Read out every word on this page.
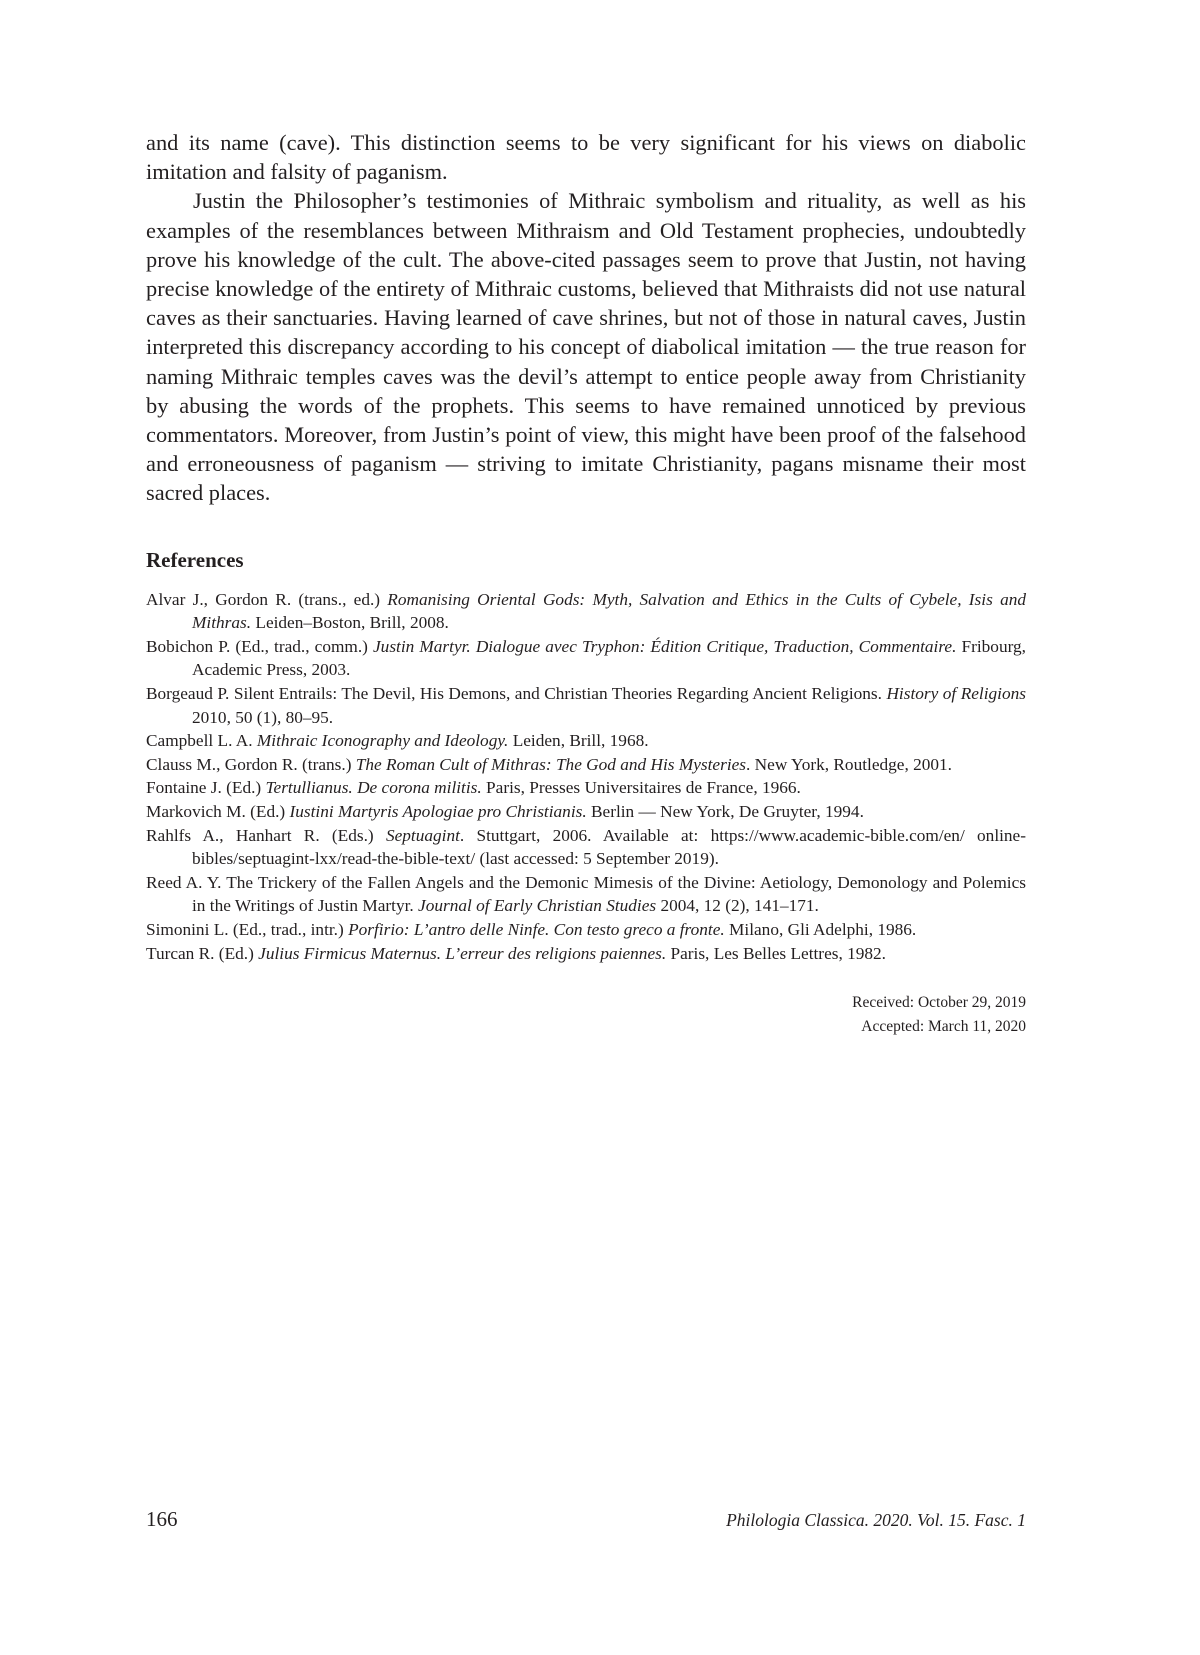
and its name (cave). This distinction seems to be very significant for his views on diabolic imitation and falsity of paganism.

Justin the Philosopher’s testimonies of Mithraic symbolism and rituality, as well as his examples of the resemblances between Mithraism and Old Testament prophecies, undoubtedly prove his knowledge of the cult. The above-cited passages seem to prove that Justin, not having precise knowledge of the entirety of Mithraic customs, believed that Mithraists did not use natural caves as their sanctuaries. Having learned of cave shrines, but not of those in natural caves, Justin interpreted this discrepancy according to his concept of diabolical imitation — the true reason for naming Mithraic temples caves was the devil’s attempt to entice people away from Christianity by abusing the words of the prophets. This seems to have remained unnoticed by previous commentators. Moreover, from Justin’s point of view, this might have been proof of the falsehood and erroneousness of paganism — striving to imitate Christianity, pagans misname their most sacred places.

References
Alvar J., Gordon R. (trans., ed.) Romanising Oriental Gods: Myth, Salvation and Ethics in the Cults of Cybele, Isis and Mithras. Leiden–Boston, Brill, 2008.
Bobichon P. (Ed., trad., comm.) Justin Martyr. Dialogue avec Tryphon: Édition Critique, Traduction, Commentaire. Fribourg, Academic Press, 2003.
Borgeaud P. Silent Entrails: The Devil, His Demons, and Christian Theories Regarding Ancient Religions. History of Religions 2010, 50 (1), 80–95.
Campbell L. A. Mithraic Iconography and Ideology. Leiden, Brill, 1968.
Clauss M., Gordon R. (trans.) The Roman Cult of Mithras: The God and His Mysteries. New York, Routledge, 2001.
Fontaine J. (Ed.) Tertullianus. De corona militis. Paris, Presses Universitaires de France, 1966.
Markovich M. (Ed.) Iustini Martyris Apologiae pro Christianis. Berlin — New York, De Gruyter, 1994.
Rahlfs A., Hanhart R. (Eds.) Septuagint. Stuttgart, 2006. Available at: https://www.academic-bible.com/en/ online-bibles/septuagint-lxx/read-the-bible-text/ (last accessed: 5 September 2019).
Reed A. Y. The Trickery of the Fallen Angels and the Demonic Mimesis of the Divine: Aetiology, Demonology and Polemics in the Writings of Justin Martyr. Journal of Early Christian Studies 2004, 12 (2), 141–171.
Simonini L. (Ed., trad., intr.) Porfirio: L’antro delle Ninfe. Con testo greco a fronte. Milano, Gli Adelphi, 1986.
Turcan R. (Ed.) Julius Firmicus Maternus. L’erreur des religions paiennes. Paris, Les Belles Lettres, 1982.
Received: October 29, 2019
Accepted: March 11, 2020
166	Philologia Classica. 2020. Vol. 15. Fasc. 1
